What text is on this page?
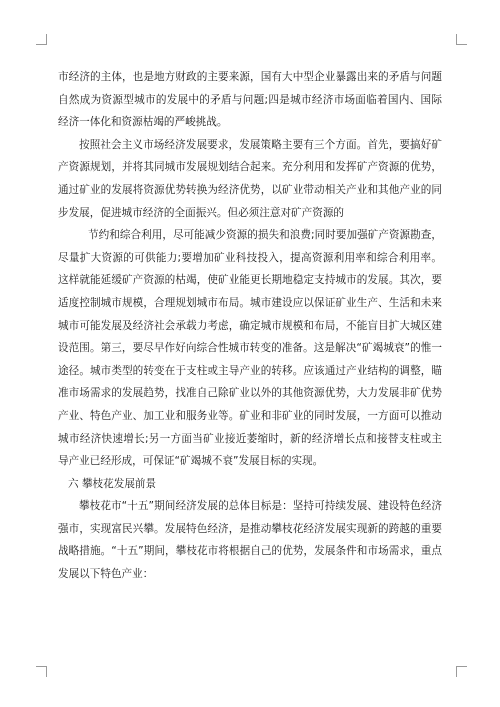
市经济的主体，也是地方财政的主要来源，国有大中型企业暴露出来的矛盾与问题自然成为资源型城市的发展中的矛盾与问题;四是城市经济市场面临着国内、国际经济一体化和资源枯竭的严峻挑战。

按照社会主义市场经济发展要求，发展策略主要有三个方面。首先，要搞好矿产资源规划，并将其同城市发展规划结合起来。充分利用和发挥矿产资源的优势，通过矿业的发展将资源优势转换为经济优势，以矿业带动相关产业和其他产业的同步发展，促进城市经济的全面振兴。但必须注意对矿产资源的

节约和综合利用，尽可能减少资源的损失和浪费;同时要加强矿产资源勘查，尽量扩大资源的可供能力;要增加矿业科技投入，提高资源利用率和综合利用率。这样就能延缓矿产资源的枯竭，使矿业能更长期地稳定支持城市的发展。其次，要适度控制城市规模，合理规划城市布局。城市建设应以保证矿业生产、生活和未来城市可能发展及经济社会承载力考虑，确定城市规模和布局，不能盲目扩大城区建设范围。第三，要尽早作好向综合性城市转变的准备。这是解决“矿竭城衰”的惟一途径。城市类型的转变在于支柱或主导产业的转移。应该通过产业结构的调整，瞄准市场需求的发展趋势，找准自己除矿业以外的其他资源优势，大力发展非矿优势产业、特色产业、加工业和服务业等。矿业和非矿业的同时发展，一方面可以推动城市经济快速增长;另一方面当矿业接近萎缩时，新的经济增长点和接替支柱或主导产业已经形成，可保证“矿竭城不衰”发展目标的实现。

六 攀枝花发展前景

攀枝花市“十五”期间经济发展的总体目标是：坚持可持续发展、建设特色经济强市，实现富民兴攀。发展特色经济，是推动攀枝花经济发展实现新的跨越的重要战略措施。“十五”期间，攀枝花市将根据自己的优势，发展条件和市场需求，重点发展以下特色产业：
